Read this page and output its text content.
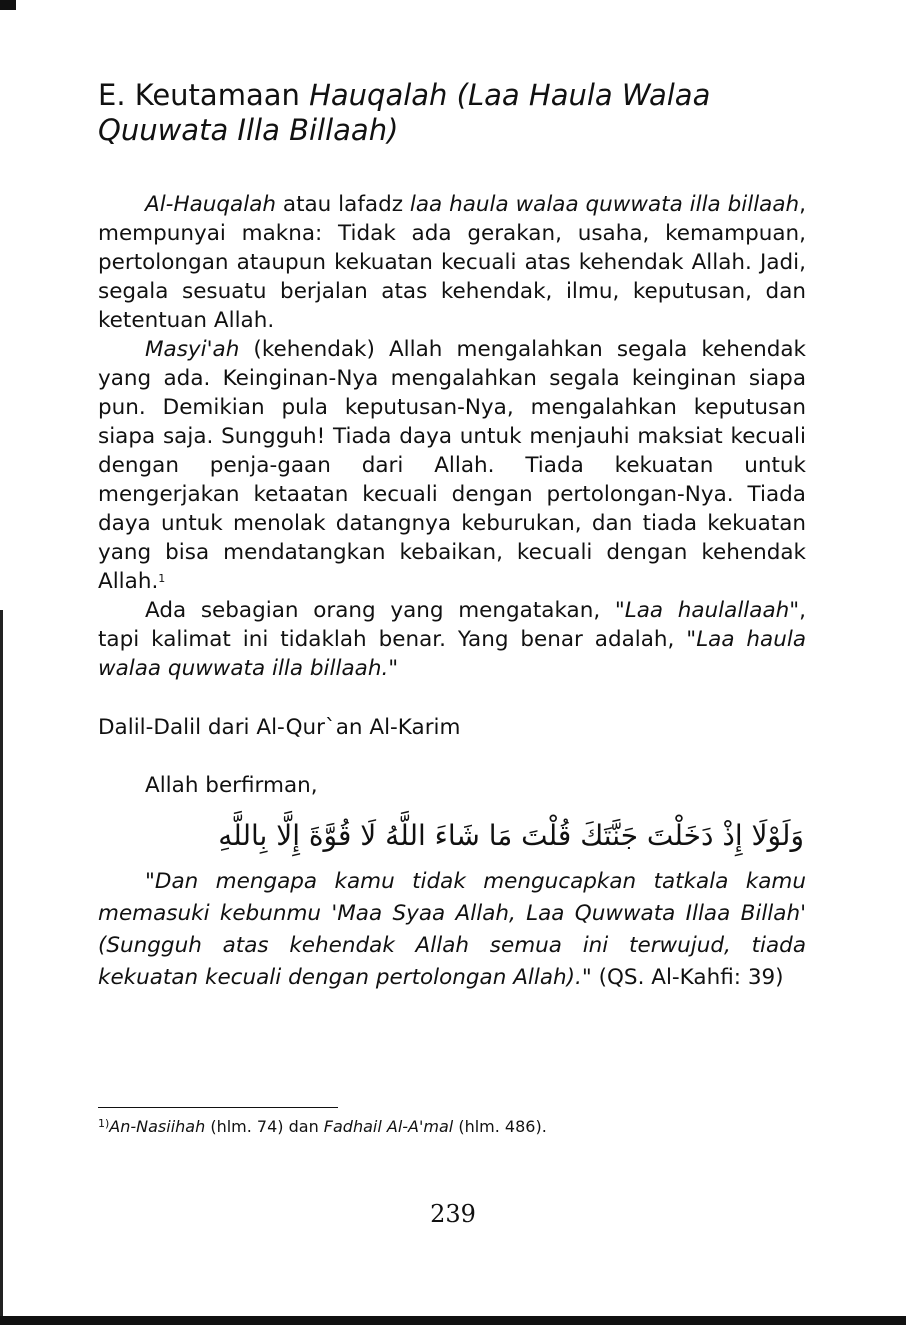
E. Keutamaan Hauqalah (Laa Haula Walaa Quuwata Illa Billaah)

Al-Hauqalah atau lafadz laa haula walaa quwwata illa billaah, mempunyai makna: Tidak ada gerakan, usaha, kemampuan, pertolongan ataupun kekuatan kecuali atas kehendak Allah. Jadi, segala sesuatu berjalan atas kehendak, ilmu, keputusan, dan ketentuan Allah.

Masyi'ah (kehendak) Allah mengalahkan segala kehendak yang ada. Keinginan-Nya mengalahkan segala keinginan siapa pun. Demikian pula keputusan-Nya, mengalahkan keputusan siapa saja. Sungguh! Tiada daya untuk menjauhi maksiat kecuali dengan penja-gaan dari Allah. Tiada kekuatan untuk mengerjakan ketaatan kecuali dengan pertolongan-Nya. Tiada daya untuk menolak datangnya keburukan, dan tiada kekuatan yang bisa mendatangkan kebaikan, kecuali dengan kehendak Allah.$^1$

Ada sebagian orang yang mengatakan, "Laa haulallaah", tapi kalimat ini tidaklah benar. Yang benar adalah, "Laa haula walaa quwwata illa billaah."

Dalil-Dalil dari Al-Qur`an Al-Karim
Allah berfirman,
وَلَوْلَا إِذْ دَخَلْتَ جَنَّتَكَ قُلْتَ مَا شَاءَ اللَّهُ لَا قُوَّةَ إِلَّا بِاللَّهِ

"Dan mengapa kamu tidak mengucapkan tatkala kamu memasuki kebunmu 'Maa Syaa Allah, Laa Quwwata Illaa Billah' (Sungguh atas kehendak Allah semua ini terwujud, tiada kekuatan kecuali dengan pertolongan Allah)." (QS. Al-Kahfi: 39)

$^{1)}$An-Nasiihah (hlm. 74) dan Fadhail Al-A'mal (hlm. 486).
239
